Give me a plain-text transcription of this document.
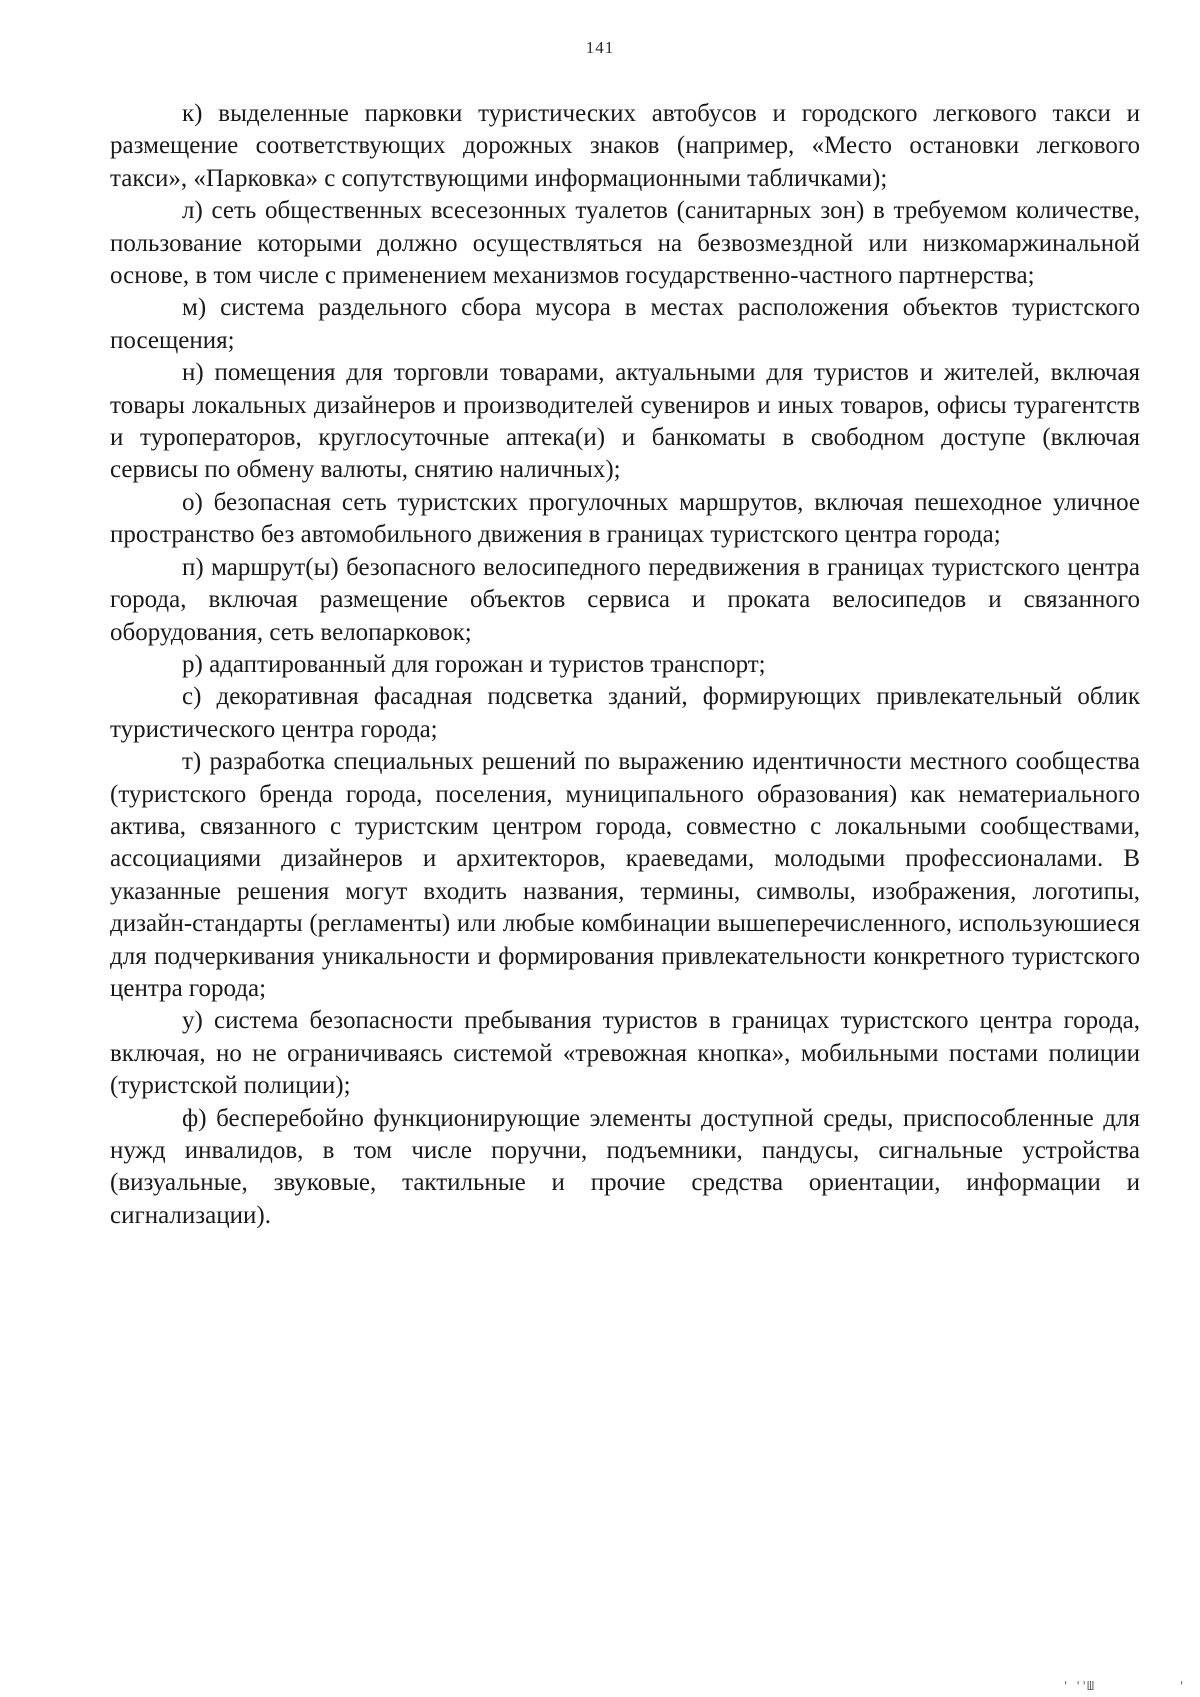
141

к) выделенные парковки туристических автобусов и городского легкового такси и размещение соответствующих дорожных знаков (например, «Место остановки легкового такси», «Парковка» с сопутствующими информационными табличками);

л) сеть общественных всесезонных туалетов (санитарных зон) в требуемом количестве, пользование которыми должно осуществляться на безвозмездной или низкомаржинальной основе, в том числе с применением механизмов государственно-частного партнерства;

м) система раздельного сбора мусора в местах расположения объектов туристского посещения;

н) помещения для торговли товарами, актуальными для туристов и жителей, включая товары локальных дизайнеров и производителей сувениров и иных товаров, офисы турагентств и туроператоров, круглосуточные аптека(и) и банкоматы в свободном доступе (включая сервисы по обмену валюты, снятию наличных);

о) безопасная сеть туристских прогулочных маршрутов, включая пешеходное уличное пространство без автомобильного движения в границах туристского центра города;

п) маршрут(ы) безопасного велосипедного передвижения в границах туристского центра города, включая размещение объектов сервиса и проката велосипедов и связанного оборудования, сеть велопарковок;

р) адаптированный для горожан и туристов транспорт;

с) декоративная фасадная подсветка зданий, формирующих привлекательный облик туристического центра города;

т) разработка специальных решений по выражению идентичности местного сообщества (туристского бренда города, поселения, муниципального образования) как нематериального актива, связанного с туристским центром города, совместно с локальными сообществами, ассоциациями дизайнеров и архитекторов, краеведами, молодыми профессионалами. В указанные решения могут входить названия, термины, символы, изображения, логотипы, дизайн-стандарты (регламенты) или любые комбинации вышеперечисленного, используюшиеся для подчеркивания уникальности и формирования привлекательности конкретного туристского центра города;

у) система безопасности пребывания туристов в границах туристского центра города, включая, но не ограничиваясь системой «тревожная кнопка», мобильными постами полиции (туристской полиции);

ф) бесперебойно функционирующие элементы доступной среды, приспособленные для нужд инвалидов, в том числе поручни, подъемники, пандусы, сигнальные устройства (визуальные, звуковые, тактильные и прочие средства ориентации, информации и сигнализации).

' ''Ш	'
